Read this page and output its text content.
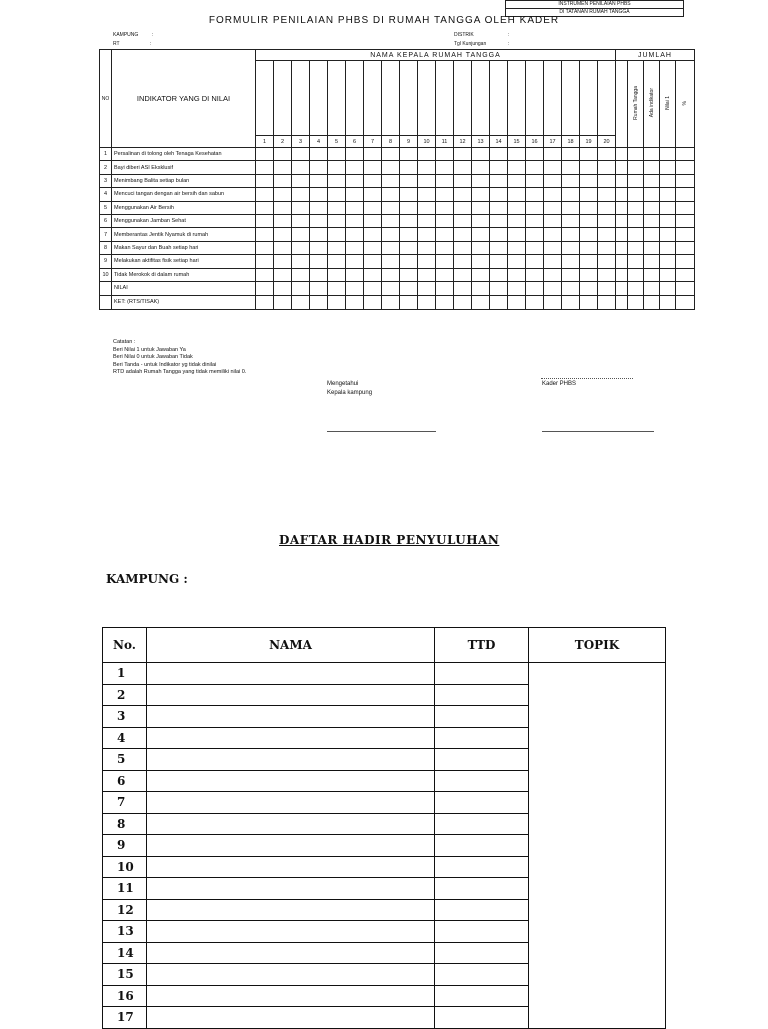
INSTRUMEN PENILAIAN PHBS
DI TATANAN RUMAH TANGGA
FORMULIR PENILAIAN PHBS DI RUMAH TANGGA OLEH KADER
KAMPUNG	:
RT	:
DISTRIK	:
Tgl Kunjungan	:
NO	INDIKATOR YANG DI NILAI	NAMA KEPALA RUMAH TANGGA																				JUMLAH				
																							Rumah Tangga	Ada indikator	Nilai 1	%
		1	2	3	4	5	6	7	8	9	10	11	12	13	14	15	16	17	18	19	20					
1	Persalinan di tolong oleh Tenaga Kesehatan																									
2	Bayi diberi ASI Eksklusif																									
3	Menimbang Balita setiap bulan																									
4	Mencuci tangan dengan air bersih dan sabun																									
5	Menggunakan Air Bersih																									
6	Menggunakan Jamban Sehat																									
7	Memberantas Jentik Nyamuk di rumah																									
8	Makan Sayur dan Buah setiap hari																									
9	Melakukan aktifitas fisik setiap hari																									
10	Tidak Merokok di dalam rumah																									
	NILAI																									
	KET: (RTS/TISAK)																									
Catatan :
Beri Nilai 1 untuk Jawaban Ya
Beri Nilai 0 untuk Jawaban Tidak
Beri Tanda - untuk Indikator yg tidak dinilai
RTD adalah Rumah Tangga yang tidak memiliki nilai 0.
Kader PHBS
Mengetahui
Kepala kampung
DAFTAR HADIR PENYULUHAN
KAMPUNG :
No.	NAMA	TTD	TOPIK
1			
2			
3			
4			
5			
6			
7			
8			
9			
10			
11			
12			
13			
14			
15			
16			
17			
